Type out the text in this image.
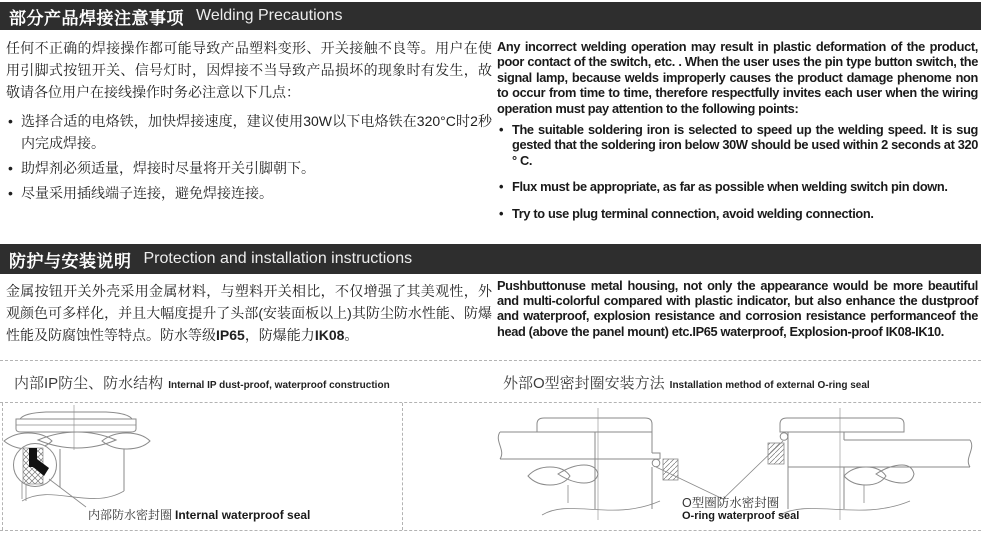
部分产品焊接注意事项 Welding Precautions
任何不正确的焊接操作都可能导致产品塑料变形、开关接触不良等。用户在使用引脚式按钮开关、信号灯时，因焊接不当导致产品损坏的现象时有发生，故敬请各位用户在接线操作时务必注意以下几点：
• 选择合适的电烙铁，加快焊接速度，建议使用30W以下电烙铁在320°C时2秒内完成焊接。
• 助焊剂必须适量，焊接时尽量将开关引脚朝下。
• 尽量采用插线端子连接，避免焊接连接。
Any incorrect welding operation may result in plastic deformation of the product, poor contact of the switch, etc. . When the user uses the pin type button switch, the signal lamp, because welds improperly causes the product damage phenome non to occur from time to time, therefore respectfully invites each user when the wiring operation must pay attention to the following points:
• The suitable soldering iron is selected to speed up the welding speed. It is sug gested that the soldering iron below 30W should be used within 2 seconds at 320 ° C.
• Flux must be appropriate, as far as possible when welding switch pin down.
• Try to use plug terminal connection, avoid welding connection.
防护与安装说明 Protection and installation instructions
金属按钮开关外壳采用金属材料，与塑料开关相比，不仅增强了其美观性，外观颜色可多样化，并且大幅度提升了头部(安装面板以上)其防尘防水性能、防爆性能及防腐蚀性等特点。防水等级IP65，防爆能力IK08。
Pushbuttonuse metal housing, not only the appearance would be more beautiful and multi-colorful compared with plastic indicator, but also enhance the dustproof and waterproof, explosion resistance and corrosion resistance performanceof the head (above the panel mount) etc.IP65 waterproof, Explosion-proof IK08-IK10.
内部IP防尘、防水结构 Internal IP dust-proof, waterproof construction	外部O型密封圈安装方法 Installation method of external O-ring seal
内部防水密封圈 Internal waterproof seal
O型圈防水密封圈
O-ring waterproof seal
